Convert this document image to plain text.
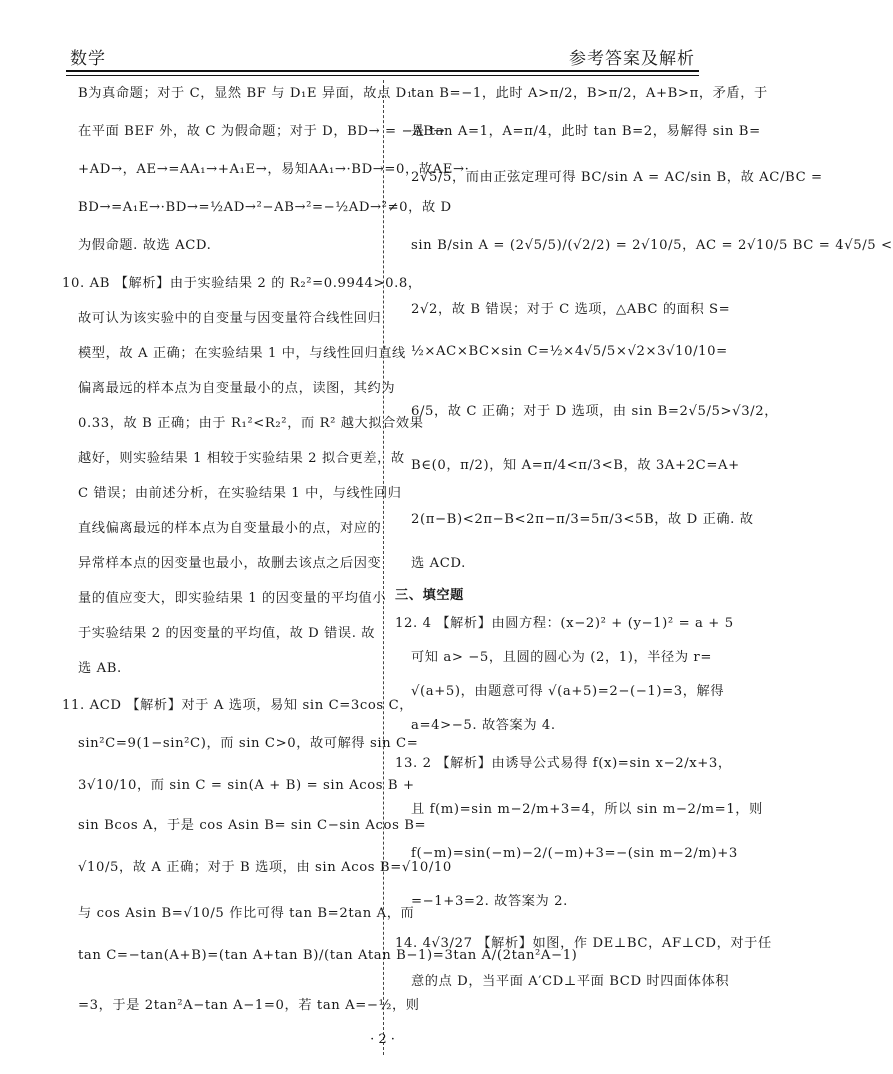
数学	参考答案及解析
B为真命题；对于 C，显然 BF 与 D₁E 异面，故点 D₁
在平面 BEF 外，故 C 为假命题；对于 D，BD→ = −AB→
+AD→，AE→=AA₁→+A₁E→，易知AA₁→·BD→=0，故AE→·
BD→=A₁E→·BD→=½AD→²−AB→²=−½AD→²≠0，故 D
为假命题. 故选 ACD.
10. AB 【解析】由于实验结果 2 的 R₂²=0.9944>0.8，
故可认为该实验中的自变量与因变量符合线性回归
模型，故 A 正确；在实验结果 1 中，与线性回归直线
偏离最远的样本点为自变量最小的点，读图，其约为
0.33，故 B 正确；由于 R₁²<R₂²，而 R² 越大拟合效果
越好，则实验结果 1 相较于实验结果 2 拟合更差，故
C 错误；由前述分析，在实验结果 1 中，与线性回归
直线偏离最远的样本点为自变量最小的点，对应的
异常样本点的因变量也最小，故删去该点之后因变
量的值应变大，即实验结果 1 的因变量的平均值小
于实验结果 2 的因变量的平均值，故 D 错误. 故
选 AB.
11. ACD 【解析】对于 A 选项，易知 sin C=3cos C，
sin²C=9(1−sin²C)，而 sin C>0，故可解得 sin C=
3√10/10，而 sin C = sin(A + B) = sin Acos B +
sin Bcos A，于是 cos Asin B= sin C−sin Acos B=
√10/5，故 A 正确；对于 B 选项，由 sin Acos B=√10/10
与 cos Asin B=√10/5 作比可得 tan B=2tan A，而
tan C=−tan(A+B)=(tan A+tan B)/(tan Atan B−1)=3tan A/(2tan²A−1)
=3，于是 2tan²A−tan A−1=0，若 tan A=−½，则
tan B=−1，此时 A>π/2，B>π/2，A+B>π，矛盾，于
是 tan A=1，A=π/4，此时 tan B=2，易解得 sin B=
2√5/5，而由正弦定理可得 BC/sin A = AC/sin B，故 AC/BC =
sin B/sin A = (2√5/5)/(√2/2) = 2√10/5，AC = 2√10/5 BC = 4√5/5 <
2√2，故 B 错误；对于 C 选项，△ABC 的面积 S=
½×AC×BC×sin C=½×4√5/5×√2×3√10/10=
6/5，故 C 正确；对于 D 选项，由 sin B=2√5/5>√3/2，
B∈(0，π/2)，知 A=π/4<π/3<B，故 3A+2C=A+
2(π−B)<2π−B<2π−π/3=5π/3<5B，故 D 正确. 故
选 ACD.
三、填空题
12. 4 【解析】由圆方程：(x−2)² + (y−1)² = a + 5
可知 a> −5，且圆的圆心为 (2，1)，半径为 r=
√(a+5)，由题意可得 √(a+5)=2−(−1)=3，解得
a=4>−5. 故答案为 4.
13. 2 【解析】由诱导公式易得 f(x)=sin x−2/x+3，
且 f(m)=sin m−2/m+3=4，所以 sin m−2/m=1，则
f(−m)=sin(−m)−2/(−m)+3=−(sin m−2/m)+3
=−1+3=2. 故答案为 2.
14. 4√3/27 【解析】如图，作 DE⊥BC，AF⊥CD，对于任
意的点 D，当平面 A′CD⊥平面 BCD 时四面体体积
· 2 ·
